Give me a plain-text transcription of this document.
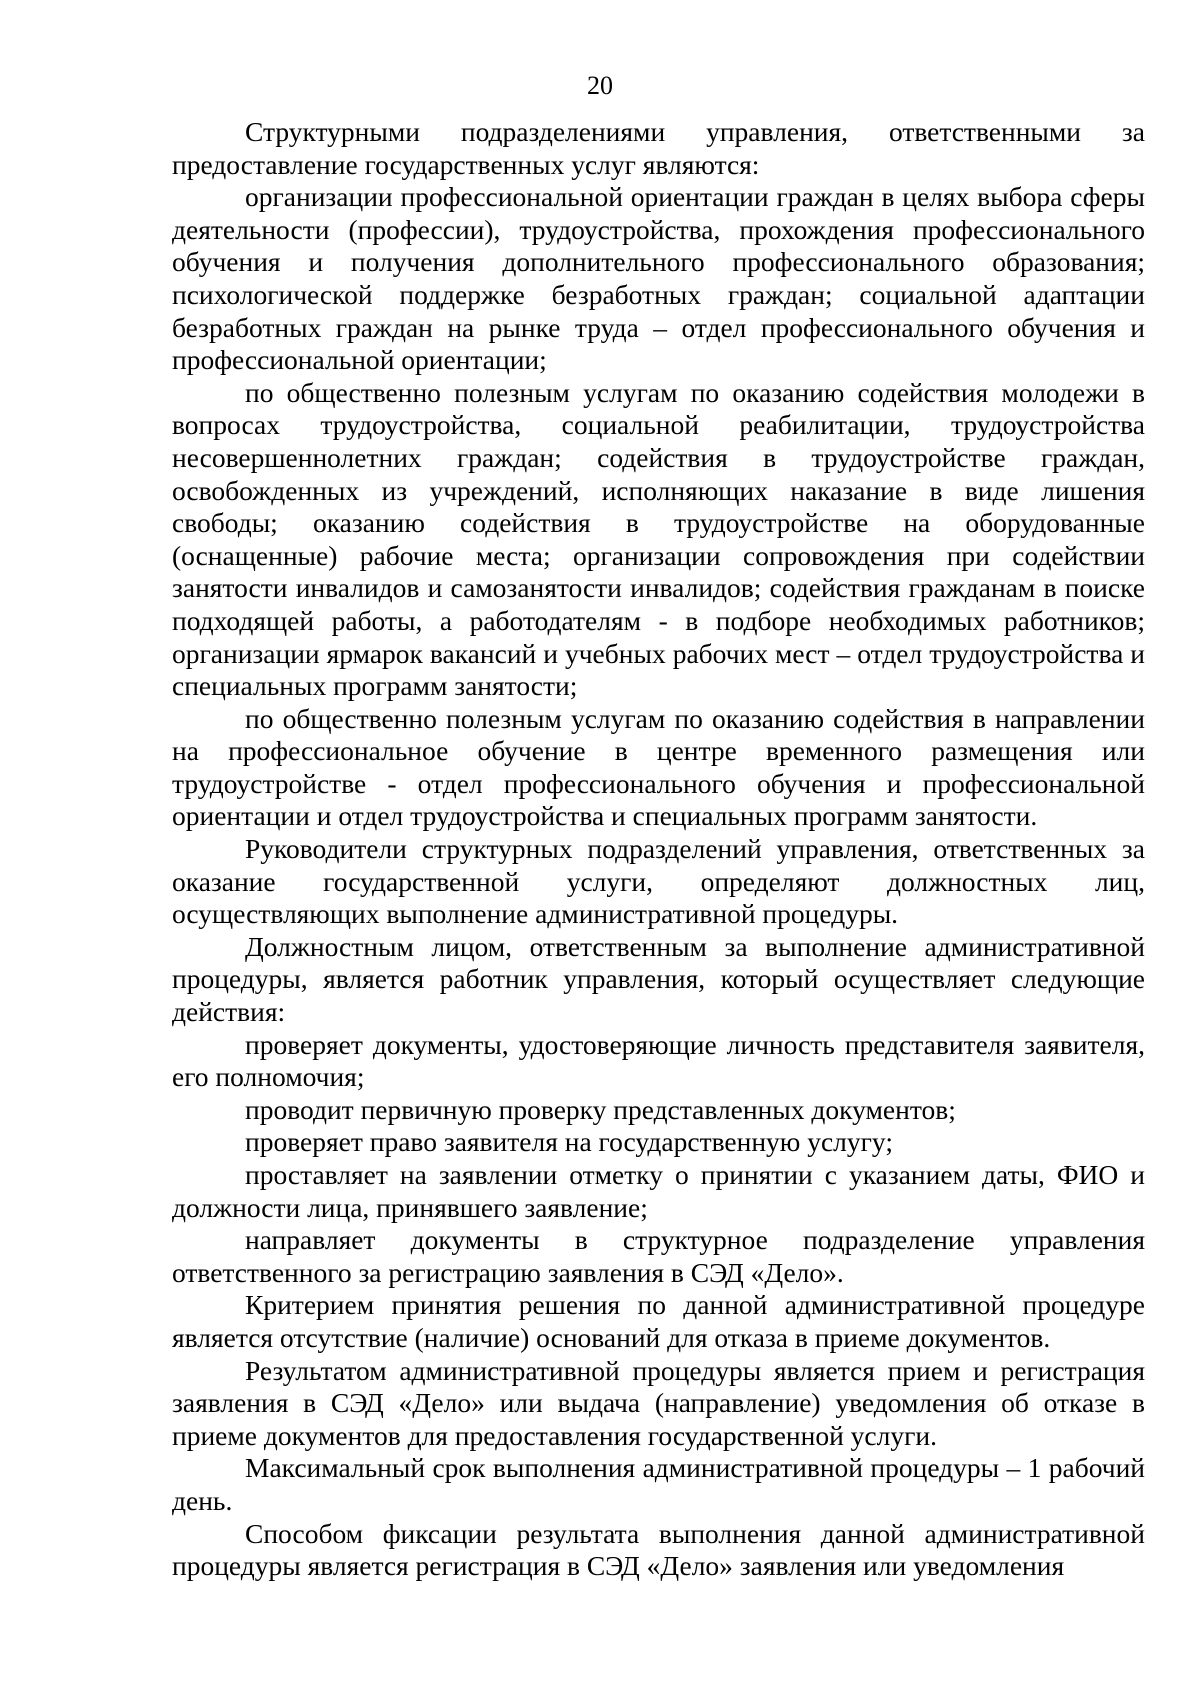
20

Структурными подразделениями управления, ответственными за предоставление государственных услуг являются:

организации профессиональной ориентации граждан в целях выбора сферы деятельности (профессии), трудоустройства, прохождения профессионального обучения и получения дополнительного профессионального образования; психологической поддержке безработных граждан; социальной адаптации безработных граждан на рынке труда – отдел профессионального обучения и профессиональной ориентации;

по общественно полезным услугам по оказанию содействия молодежи в вопросах трудоустройства, социальной реабилитации, трудоустройства несовершеннолетних граждан; содействия в трудоустройстве граждан, освобожденных из учреждений, исполняющих наказание в виде лишения свободы; оказанию содействия в трудоустройстве на оборудованные (оснащенные) рабочие места; организации сопровождения при содействии занятости инвалидов и самозанятости инвалидов; содействия гражданам в поиске подходящей работы, а работодателям - в подборе необходимых работников; организации ярмарок вакансий и учебных рабочих мест – отдел трудоустройства и специальных программ занятости;

по общественно полезным услугам по оказанию содействия в направлении на профессиональное обучение в центре временного размещения или трудоустройстве - отдел профессионального обучения и профессиональной ориентации и отдел трудоустройства и специальных программ занятости.

Руководители структурных подразделений управления, ответственных за оказание государственной услуги, определяют должностных лиц, осуществляющих выполнение административной процедуры.

Должностным лицом, ответственным за выполнение административной процедуры, является работник управления, который осуществляет следующие действия:

проверяет документы, удостоверяющие личность представителя заявителя, его полномочия;

проводит первичную проверку представленных документов;

проверяет право заявителя на государственную услугу;

проставляет на заявлении отметку о принятии с указанием даты, ФИО и должности лица, принявшего заявление;

направляет документы в структурное подразделение управления ответственного за регистрацию заявления в СЭД «Дело».

Критерием принятия решения по данной административной процедуре является отсутствие (наличие) оснований для отказа в приеме документов.

Результатом административной процедуры является прием и регистрация заявления в СЭД «Дело» или выдача (направление) уведомления об отказе в приеме документов для предоставления государственной услуги.

Максимальный срок выполнения административной процедуры – 1 рабочий день.

Способом фиксации результата выполнения данной административной процедуры является регистрация в СЭД «Дело» заявления или уведомления
